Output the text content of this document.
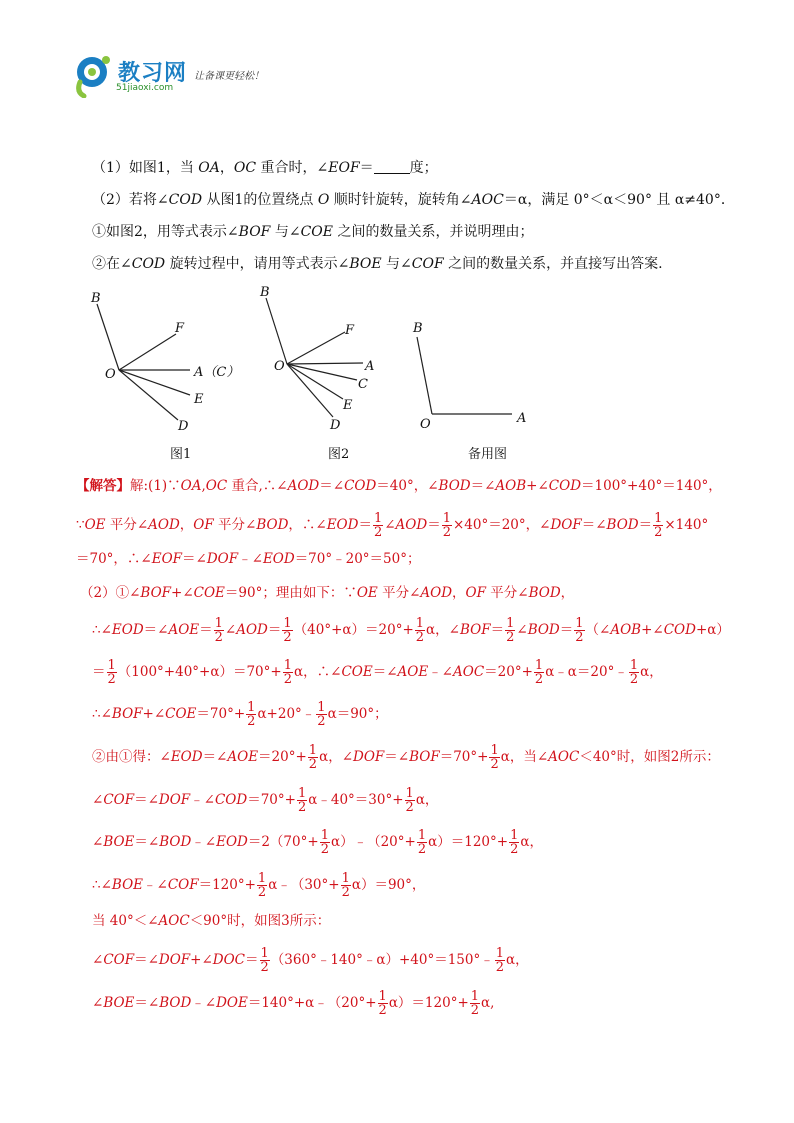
教习网
51jiaoxi.com
让备课更轻松！
（1）如图1，当 OA，OC 重合时，∠EOF＝	度；
（2）若将∠COD 从图1的位置绕点 O 顺时针旋转，旋转角∠AOC＝α，满足 0°＜α＜90° 且 α≠40°．
①如图2，用等式表示∠BOF 与∠COE 之间的数量关系，并说明理由；
②在∠COD 旋转过程中，请用等式表示∠BOE 与∠COF 之间的数量关系，并直接写出答案.
B
F
O	A（C）
E
D
图1
B
F
O	A
C
E
D
图2
B
O	A
备用图
【解答】解:(1)∵OA,OC 重合,∴∠AOD＝∠COD＝40°，∠BOD＝∠AOB+∠COD＝100°+40°＝140°，
∵OE 平分∠AOD，OF 平分∠BOD，∴∠EOD＝ $\frac{1}{2}$ ∠AOD＝ $\frac{1}{2} \times 40^\circ=20^\circ$，∠DOF＝∠BOD＝ $\frac{1}{2} \times 140^\circ$
＝70°，∴∠EOF＝∠DOF﹣∠EOD＝70°﹣20°＝50°；
（2）①∠BOF+∠COE＝90°；理由如下：∵OE 平分∠AOD，OF 平分∠BOD，
∴∠EOD＝∠AOE＝ $\frac{1}{2}$ ∠AOD＝ $\frac{1}{2} (40^\circ+\alpha)=20^\circ+ \frac{1}{2}$ α，∠BOF＝ $\frac{1}{2}$ ∠BOD＝ $\frac{1}{2}$ （∠AOB+∠COD+α）
＝ $\frac{1}{2} (100^\circ+40^\circ+\alpha)=70^\circ+ \frac{1}{2}$ α，∴∠COE＝∠AOE﹣∠AOC＝20°+ $\frac{1}{2}$ α﹣α＝20°﹣ $\frac{1}{2}$ α，
∴∠BOF+∠COE＝70°+ $\frac{1}{2}$ α+20°﹣ $\frac{1}{2} \alpha=90^\circ$；
②由①得：∠EOD＝∠AOE＝20°+ $\frac{1}{2}$ α，∠DOF＝∠BOF＝70°+ $\frac{1}{2}$ α，当∠AOC＜40°时，如图2所示：
∠COF＝∠DOF﹣∠COD＝70°+ $\frac{1}{2}$ α﹣40°＝30°+ $\frac{1}{2}$ α，
∠BOE＝∠BOD﹣∠EOD＝2（70°+ $\frac{1}{2}$ α）﹣（20°+ $\frac{1}{2} \alpha)=120^\circ+ \frac{1}{2}$ α，
∴∠BOE﹣∠COF＝120°+ $\frac{1}{2}$ α﹣（30°+ $\frac{1}{2} \alpha)=90^\circ$，
当 40°＜∠AOC＜90°时，如图3所示：
∠COF＝∠DOF+∠DOC＝ $\frac{1}{2}$ （360°﹣140°﹣α）+40°＝150°﹣ $\frac{1}{2}$ α，
∠BOE＝∠BOD﹣∠DOE＝140°+α﹣（20°+ $\frac{1}{2} \alpha)=120^\circ+ \frac{1}{2} \alpha$,
